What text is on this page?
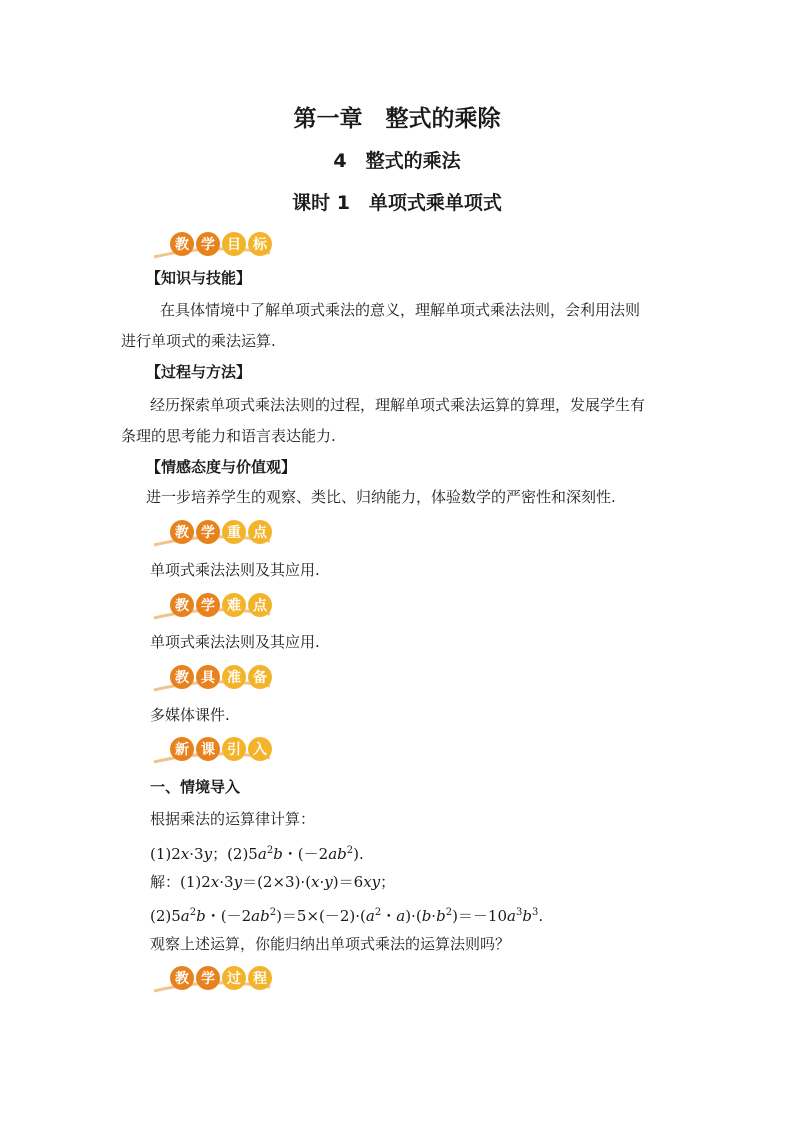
第一章　整式的乘除
4　整式的乘法
课时 1　单项式乘单项式
教 学 目 标
【知识与技能】
在具体情境中了解单项式乘法的意义，理解单项式乘法法则，会利用法则
进行单项式的乘法运算.
【过程与方法】
经历探索单项式乘法法则的过程，理解单项式乘法运算的算理，发展学生有
条理的思考能力和语言表达能力.
【情感态度与价值观】
进一步培养学生的观察、类比、归纳能力，体验数学的严密性和深刻性.
教 学 重 点
单项式乘法法则及其应用.
教 学 难 点
单项式乘法法则及其应用.
教 具 准 备
多媒体课件.
新 课 引 入
一、情境导入
根据乘法的运算律计算：
(1)2x·3y；$(2)5a^2b$・$(-2ab^2)$.
解：(1)2x·3y＝(2×3)·(x·y)＝6xy；
$(2)5a^2b$・$(-2ab^2)=5\times(-2)\cdot(a^2$・$a)\cdot(b\cdot b^2)=-10a^3b^3$.
观察上述运算，你能归纳出单项式乘法的运算法则吗？
教 学 过 程
